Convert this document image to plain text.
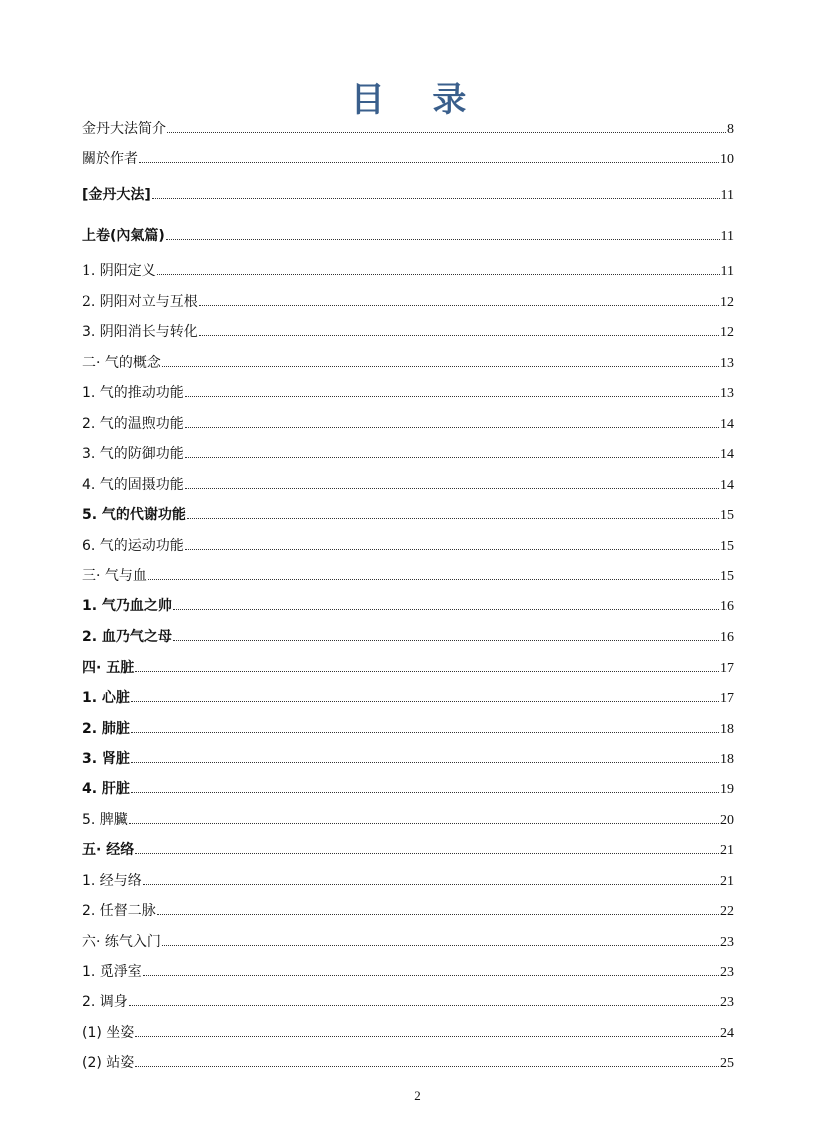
目 录
金丹大法简介	8
關於作者	10
[金丹大法]	11
上卷(內氣篇)	11
1. 阴阳定义	11
2. 阴阳对立与互根	12
3. 阴阳消长与转化	12
二· 气的概念	13
1. 气的推动功能	13
2. 气的温煦功能	14
3. 气的防御功能	14
4. 气的固摄功能	14
5. 气的代谢功能	15
6. 气的运动功能	15
三· 气与血	15
1. 气乃血之帅	16
2. 血乃气之母	16
四· 五脏	17
1. 心脏	17
2. 肺脏	18
3. 肾脏	18
4. 肝脏	19
5. 脾臟	20
五· 经络	21
1. 经与络	21
2. 任督二脉	22
六· 练气入门	23
1. 觅淨室	23
2. 调身	23
(1) 坐姿	24
(2) 站姿	25
2
